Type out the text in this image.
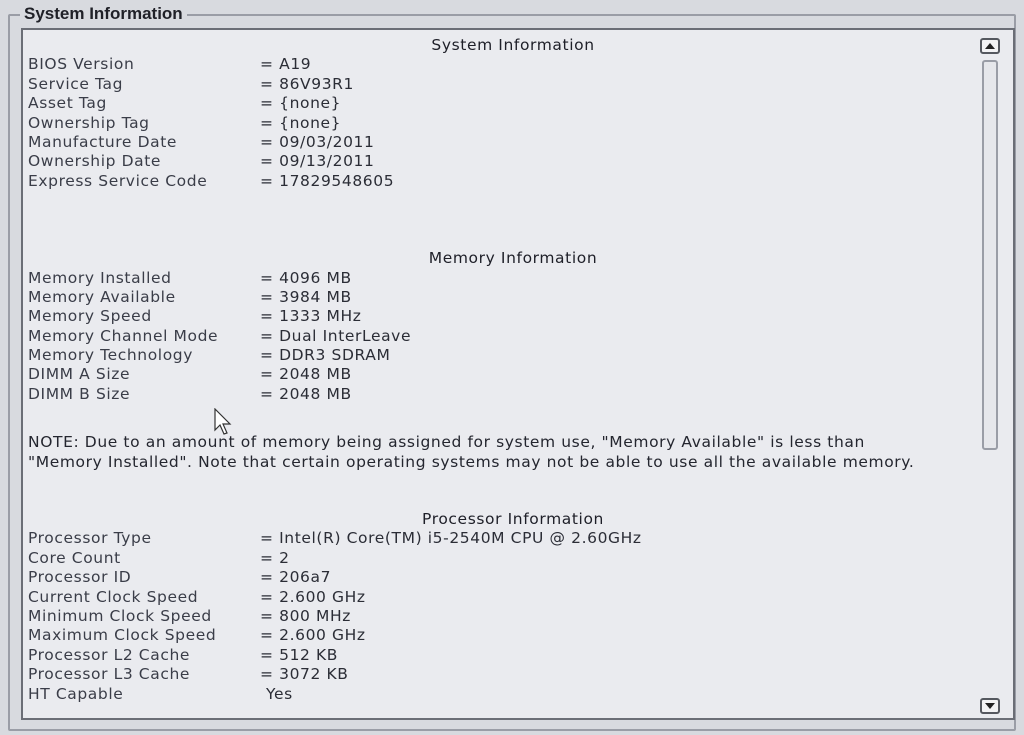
System Information
System Information
BIOS Version	= A19
Service Tag	= 86V93R1
Asset Tag	= {none}
Ownership Tag	= {none}
Manufacture Date	= 09/03/2011
Ownership Date	= 09/13/2011
Express Service Code	= 17829548605
Memory Information
Memory Installed	= 4096 MB
Memory Available	= 3984 MB
Memory Speed	= 1333 MHz
Memory Channel Mode	= Dual InterLeave
Memory Technology	= DDR3 SDRAM
DIMM A Size	= 2048 MB
DIMM B Size	= 2048 MB
NOTE: Due to an amount of memory being assigned for system use, "Memory Available" is less than "Memory Installed". Note that certain operating systems may not be able to use all the available memory.
Processor Information
Processor Type	= Intel(R) Core(TM) i5-2540M CPU @ 2.60GHz
Core Count	= 2
Processor ID	= 206a7
Current Clock Speed	= 2.600 GHz
Minimum Clock Speed	= 800 MHz
Maximum Clock Speed	= 2.600 GHz
Processor L2 Cache	= 512 KB
Processor L3 Cache	= 3072 KB
HT Capable	Yes
